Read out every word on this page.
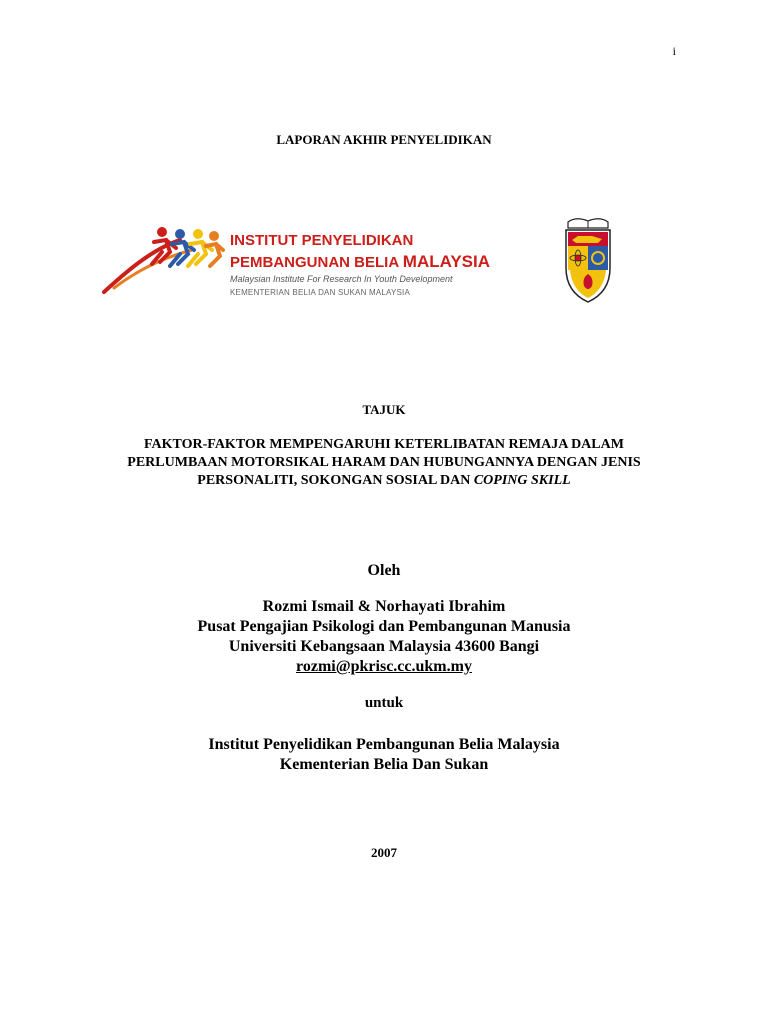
i
LAPORAN AKHIR PENYELIDIKAN
INSTITUT PENYELIDIKAN
PEMBANGUNAN BELIA MALAYSIA
Malaysian Institute For Research In Youth Development
KEMENTERIAN BELIA DAN SUKAN MALAYSIA
TAJUK
FAKTOR-FAKTOR MEMPENGARUHI KETERLIBATAN REMAJA DALAM
PERLUMBAAN MOTORSIKAL HARAM DAN HUBUNGANNYA DENGAN JENIS
PERSONALITI, SOKONGAN SOSIAL DAN COPING SKILL
Oleh
Rozmi Ismail & Norhayati Ibrahim
Pusat Pengajian Psikologi dan Pembangunan Manusia
Universiti Kebangsaan Malaysia 43600 Bangi
rozmi@pkrisc.cc.ukm.my
untuk
Institut Penyelidikan Pembangunan Belia Malaysia
Kementerian Belia Dan Sukan
2007
